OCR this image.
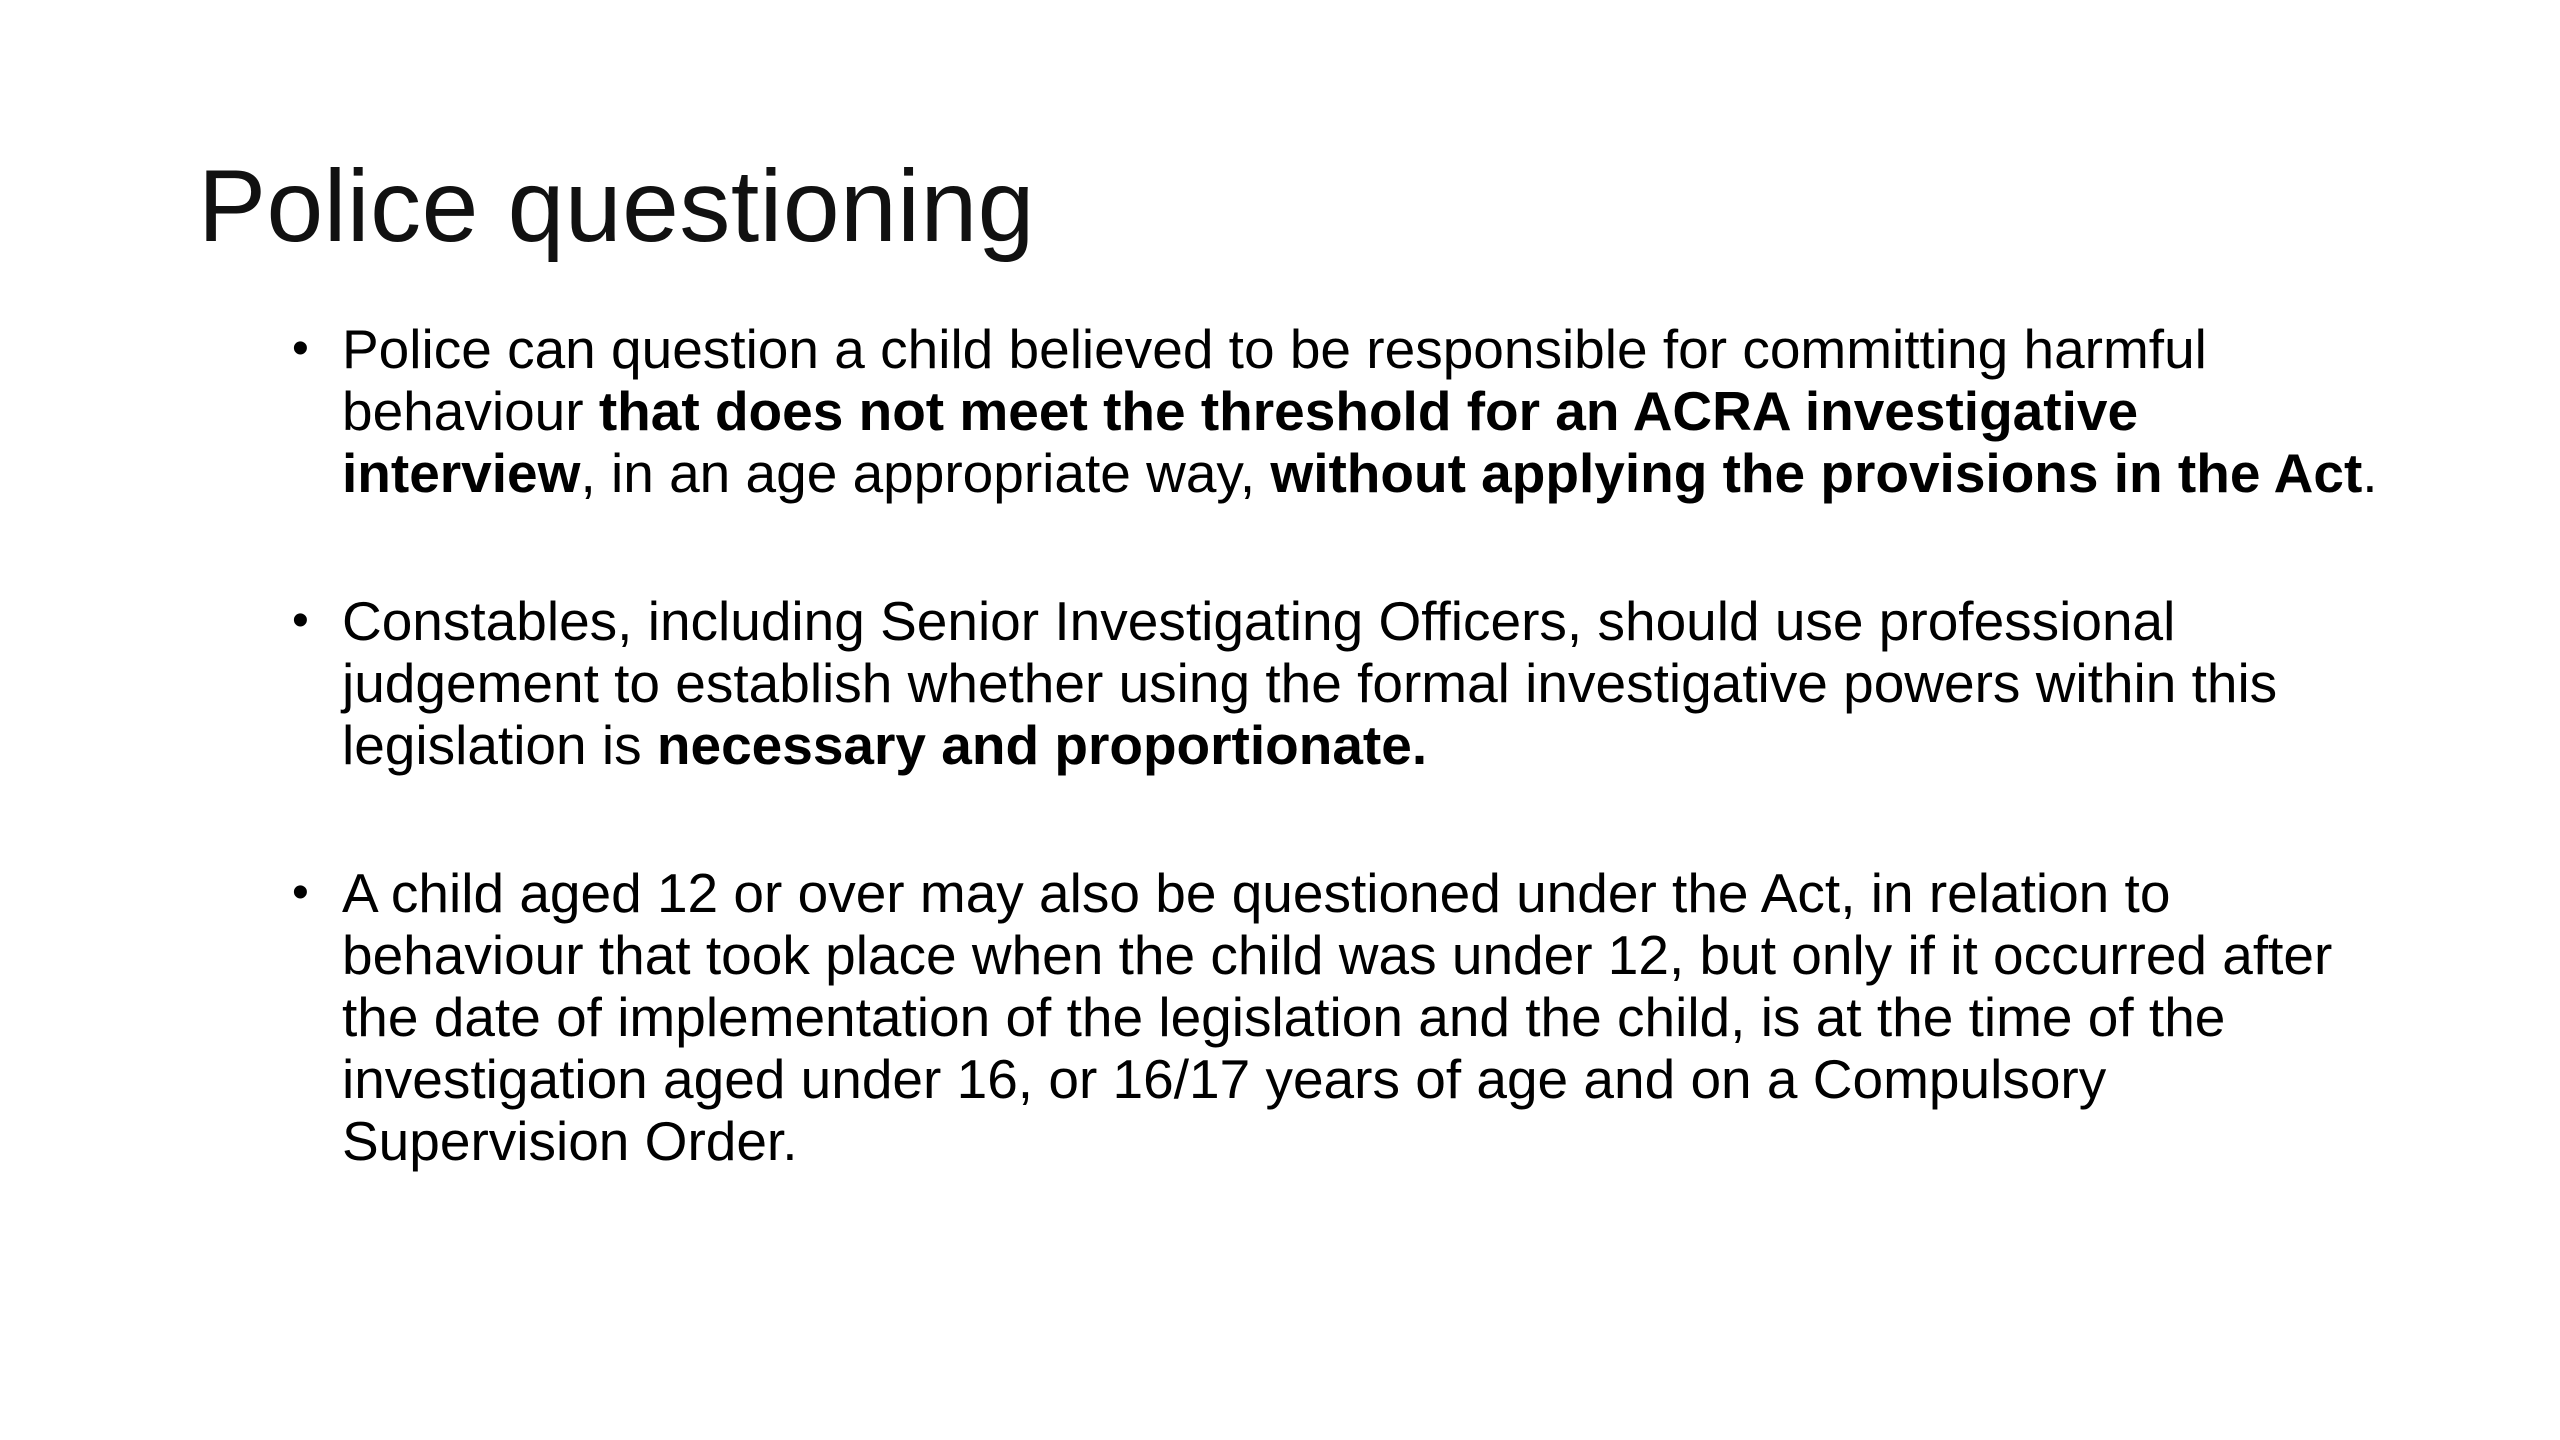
Police questioning
• Police can question a child believed to be responsible for committing harmful behaviour that does not meet the threshold for an ACRA investigative interview, in an age appropriate way, without applying the provisions in the Act.
• Constables, including Senior Investigating Officers, should use professional judgement to establish whether using the formal investigative powers within this legislation is necessary and proportionate.
• A child aged 12 or over may also be questioned under the Act, in relation to behaviour that took place when the child was under 12, but only if it occurred after the date of implementation of the legislation and the child, is at the time of the investigation aged under 16, or 16/17 years of age and on a Compulsory Supervision Order.
